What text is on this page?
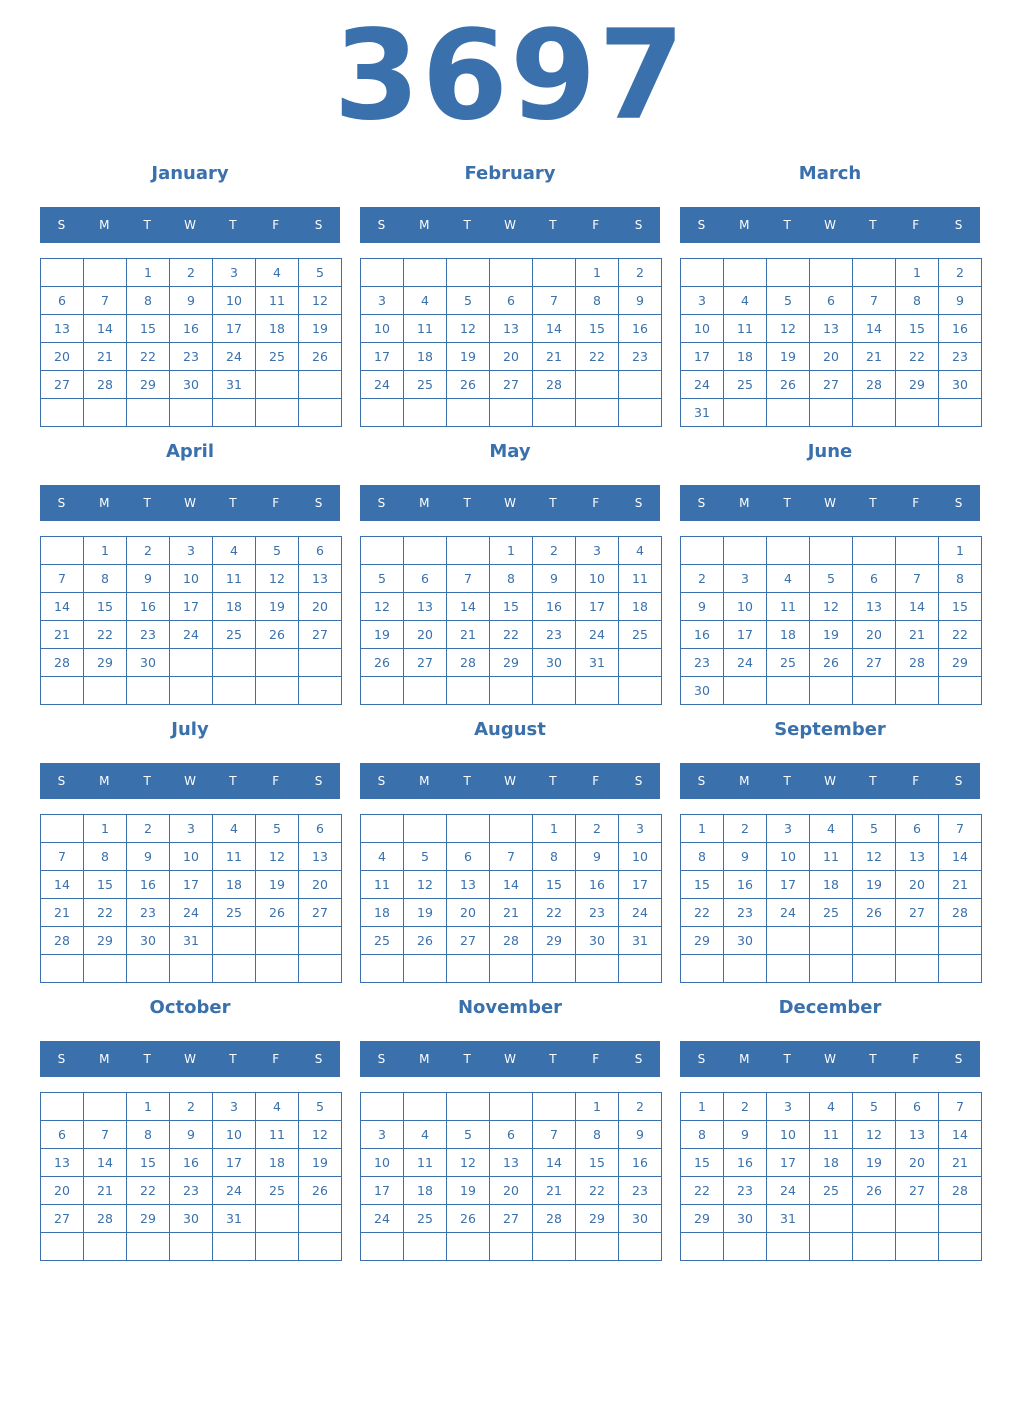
3697
January
S	M	T	W	T	F	S
		1	2	3	4	5
6	7	8	9	10	11	12
13	14	15	16	17	18	19
20	21	22	23	24	25	26
27	28	29	30	31		

February
S	M	T	W	T	F	S
					1	2
3	4	5	6	7	8	9
10	11	12	13	14	15	16
17	18	19	20	21	22	23
24	25	26	27	28		

March
S	M	T	W	T	F	S
					1	2
3	4	5	6	7	8	9
10	11	12	13	14	15	16
17	18	19	20	21	22	23
24	25	26	27	28	29	30
31						
April
S	M	T	W	T	F	S
	1	2	3	4	5	6
7	8	9	10	11	12	13
14	15	16	17	18	19	20
21	22	23	24	25	26	27
28	29	30				

May
S	M	T	W	T	F	S
			1	2	3	4
5	6	7	8	9	10	11
12	13	14	15	16	17	18
19	20	21	22	23	24	25
26	27	28	29	30	31	

June
S	M	T	W	T	F	S
						1
2	3	4	5	6	7	8
9	10	11	12	13	14	15
16	17	18	19	20	21	22
23	24	25	26	27	28	29
30						
July
S	M	T	W	T	F	S
	1	2	3	4	5	6
7	8	9	10	11	12	13
14	15	16	17	18	19	20
21	22	23	24	25	26	27
28	29	30	31			

August
S	M	T	W	T	F	S
				1	2	3
4	5	6	7	8	9	10
11	12	13	14	15	16	17
18	19	20	21	22	23	24
25	26	27	28	29	30	31

September
S	M	T	W	T	F	S
1	2	3	4	5	6	7
8	9	10	11	12	13	14
15	16	17	18	19	20	21
22	23	24	25	26	27	28
29	30					

October
S	M	T	W	T	F	S
		1	2	3	4	5
6	7	8	9	10	11	12
13	14	15	16	17	18	19
20	21	22	23	24	25	26
27	28	29	30	31		

November
S	M	T	W	T	F	S
					1	2
3	4	5	6	7	8	9
10	11	12	13	14	15	16
17	18	19	20	21	22	23
24	25	26	27	28	29	30

December
S	M	T	W	T	F	S
1	2	3	4	5	6	7
8	9	10	11	12	13	14
15	16	17	18	19	20	21
22	23	24	25	26	27	28
29	30	31				
